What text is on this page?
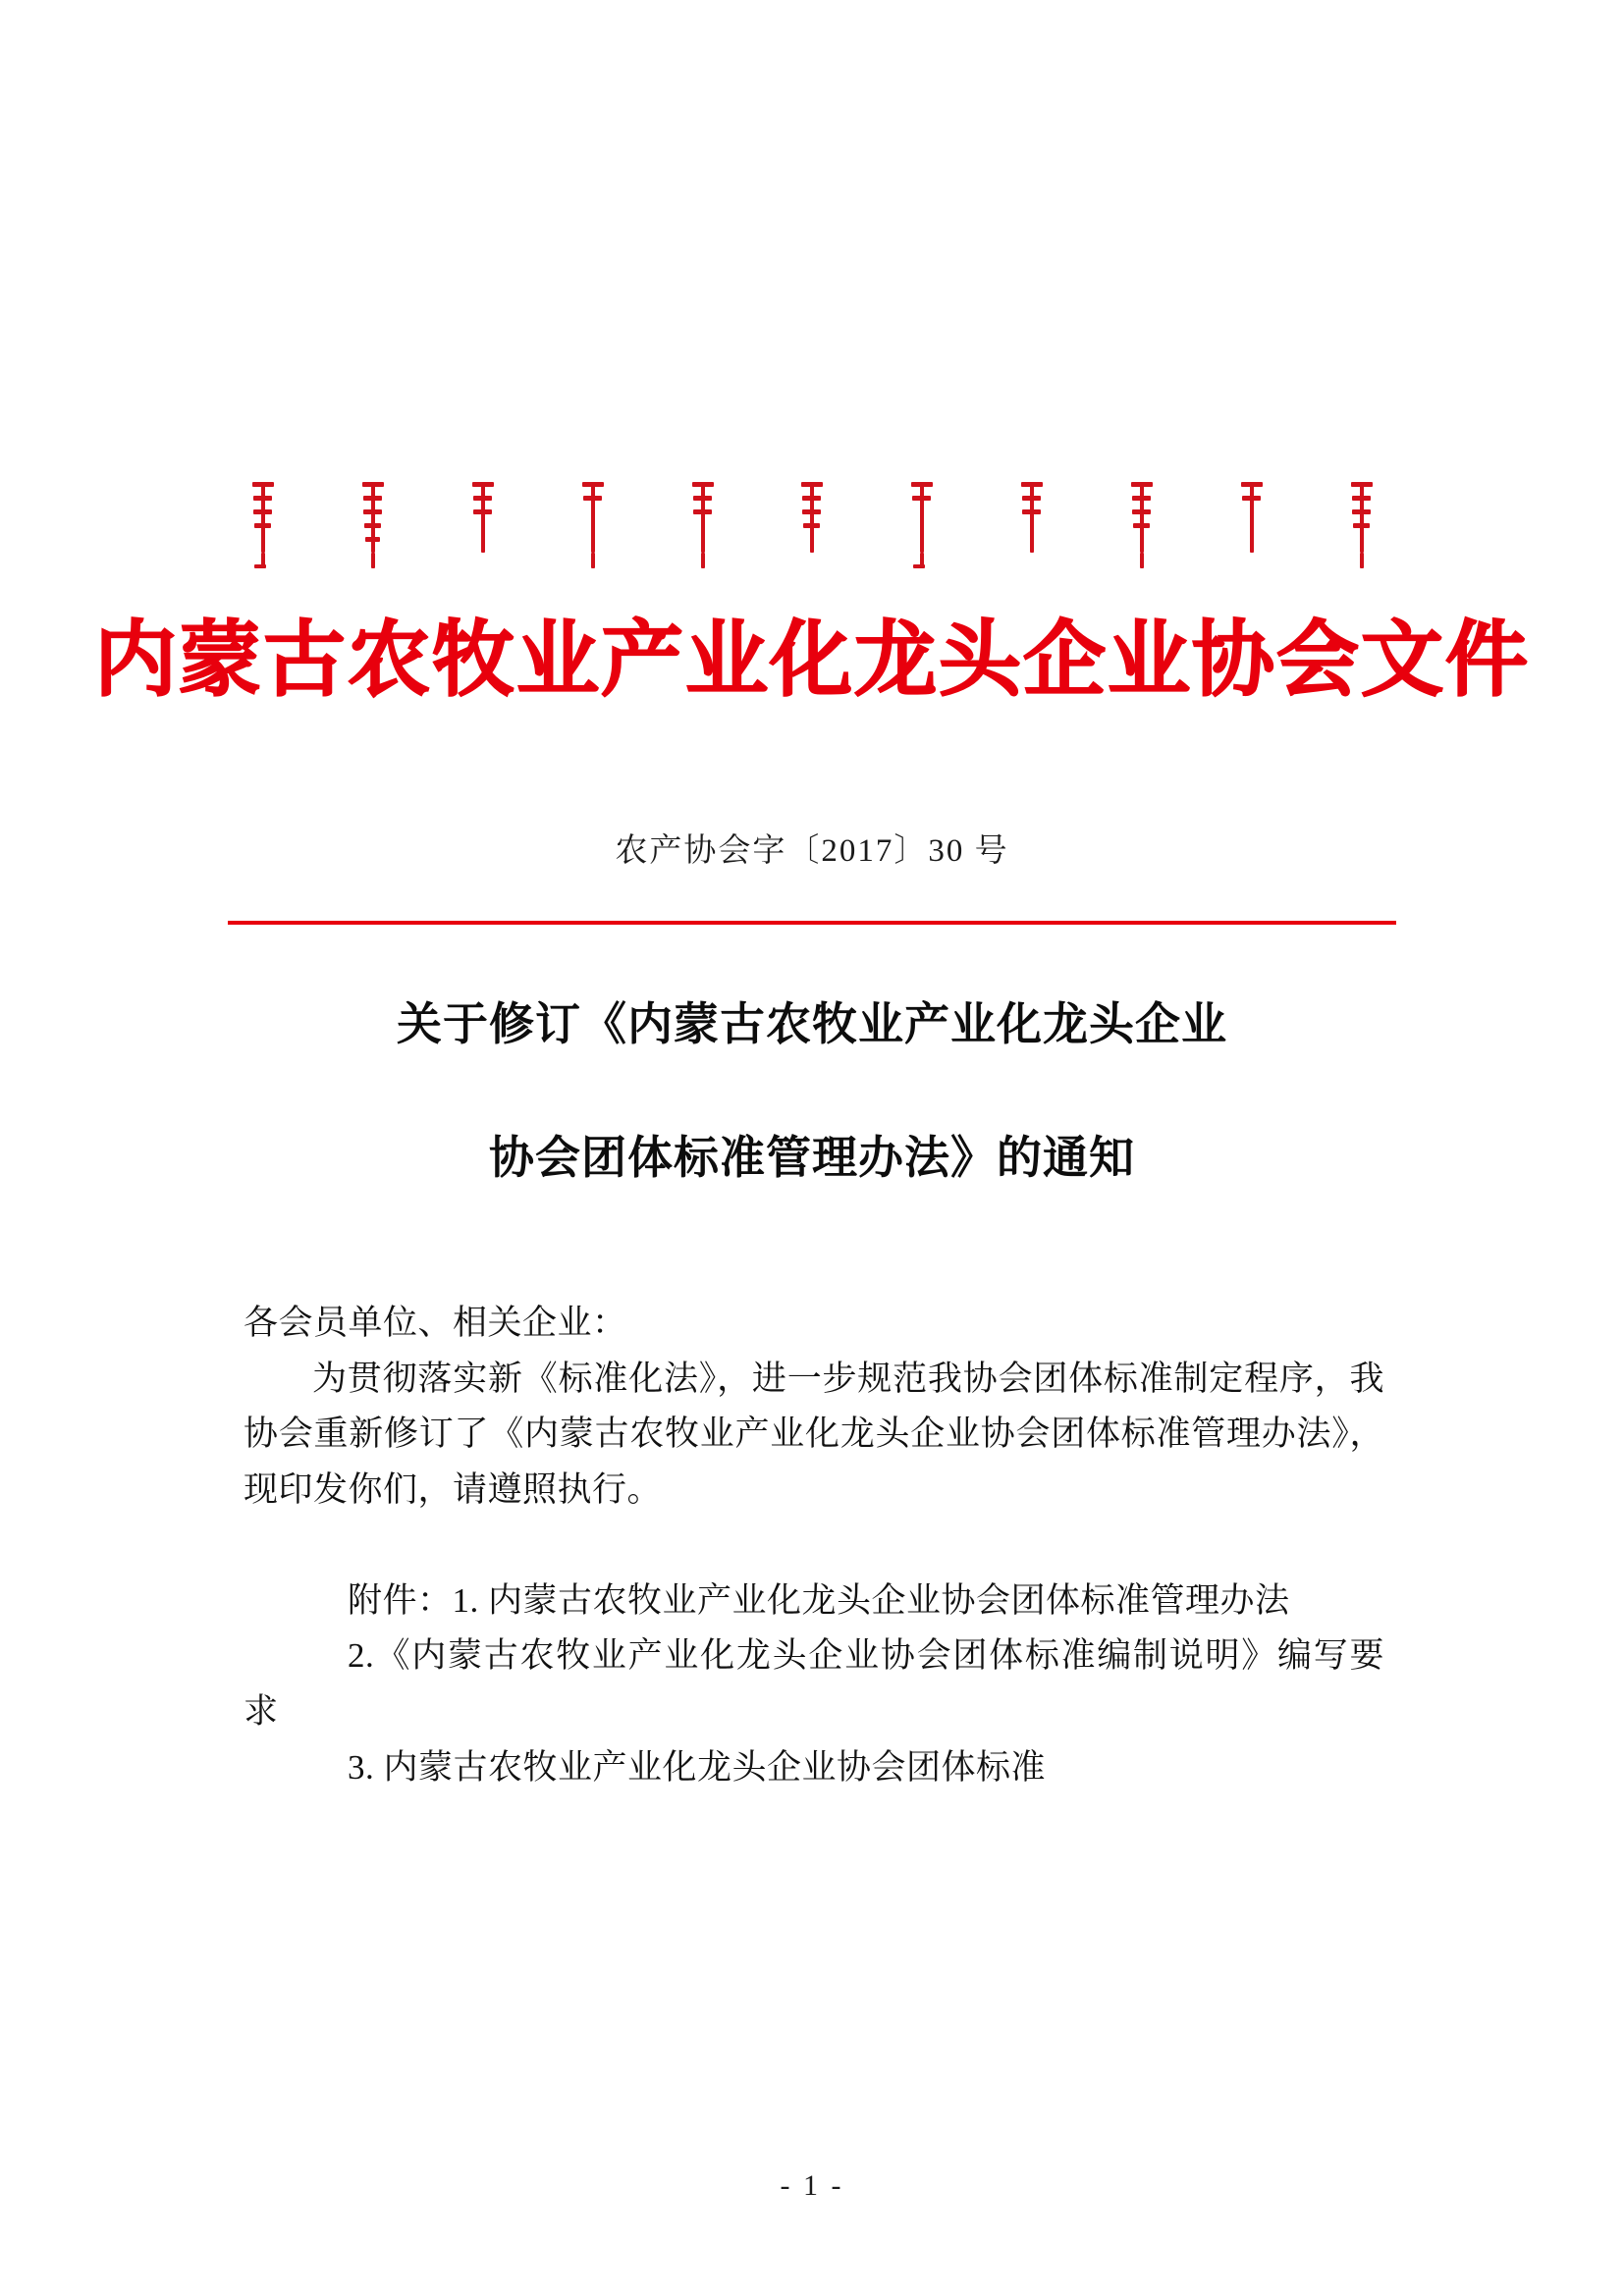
内蒙古农牧业产业化龙头企业协会文件
农产协会字〔2017〕30 号
关于修订《内蒙古农牧业产业化龙头企业
协会团体标准管理办法》的通知

各会员单位、相关企业：

为贯彻落实新《标准化法》，进一步规范我协会团体标准制定程序，我协会重新修订了《内蒙古农牧业产业化龙头企业协会团体标准管理办法》，现印发你们，请遵照执行。

附件：1. 内蒙古农牧业产业化龙头企业协会团体标准管理办法

2.《内蒙古农牧业产业化龙头企业协会团体标准编制说明》编写要求

3. 内蒙古农牧业产业化龙头企业协会团体标准

- 1 -
